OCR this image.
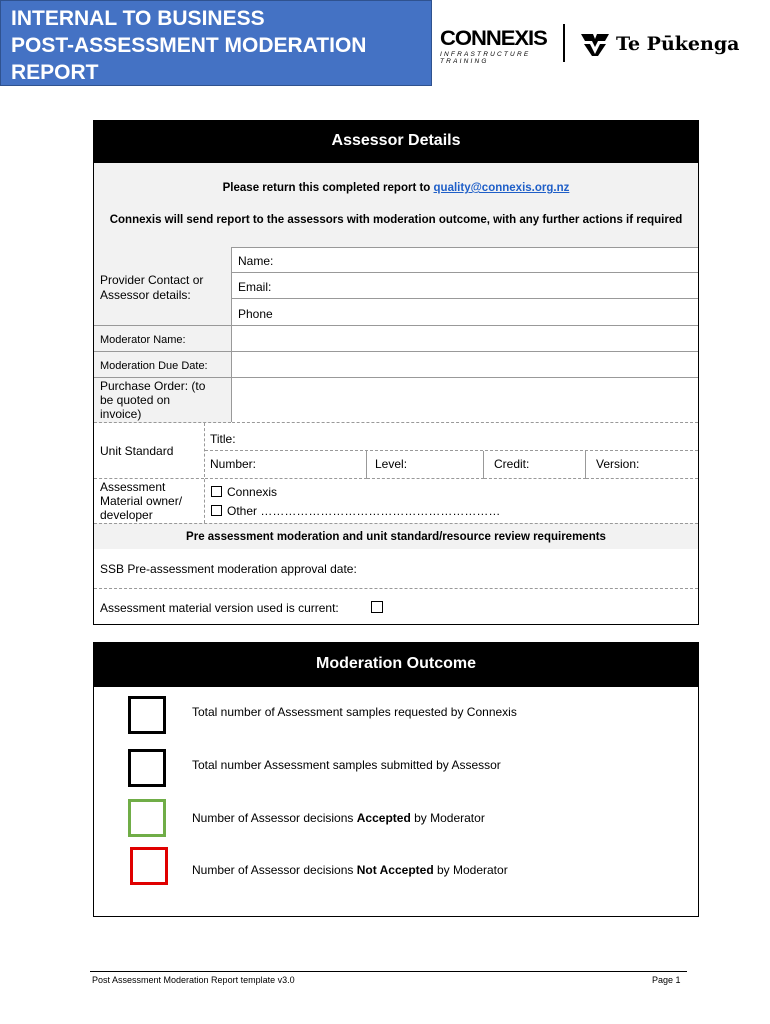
INTERNAL TO BUSINESS
POST-ASSESSMENT MODERATION
REPORT
CONNEXIS
INFRASTRUCTURE TRAINING
Te Pūkenga
Assessor Details
Please return this completed report to quality@connexis.org.nz
Connexis will send report to the assessors with moderation outcome, with any further actions if required
Provider Contact or Assessor details:
Name:
Email:
Phone
Moderator Name:
Moderation Due Date:
Purchase Order: (to be quoted on invoice)
Unit Standard
Title:
Number:	Level:	Credit:	Version:
Assessment Material owner/ developer
Connexis
Other ……………………………………………………
Pre assessment moderation and unit standard/resource review requirements
SSB Pre-assessment moderation approval date:
Assessment material version used is current:
Moderation Outcome
Total number of Assessment samples requested by Connexis
Total number Assessment samples submitted by Assessor
Number of Assessor decisions Accepted by Moderator
Number of Assessor decisions Not Accepted by Moderator
Post Assessment Moderation Report template v3.0	Page 1
